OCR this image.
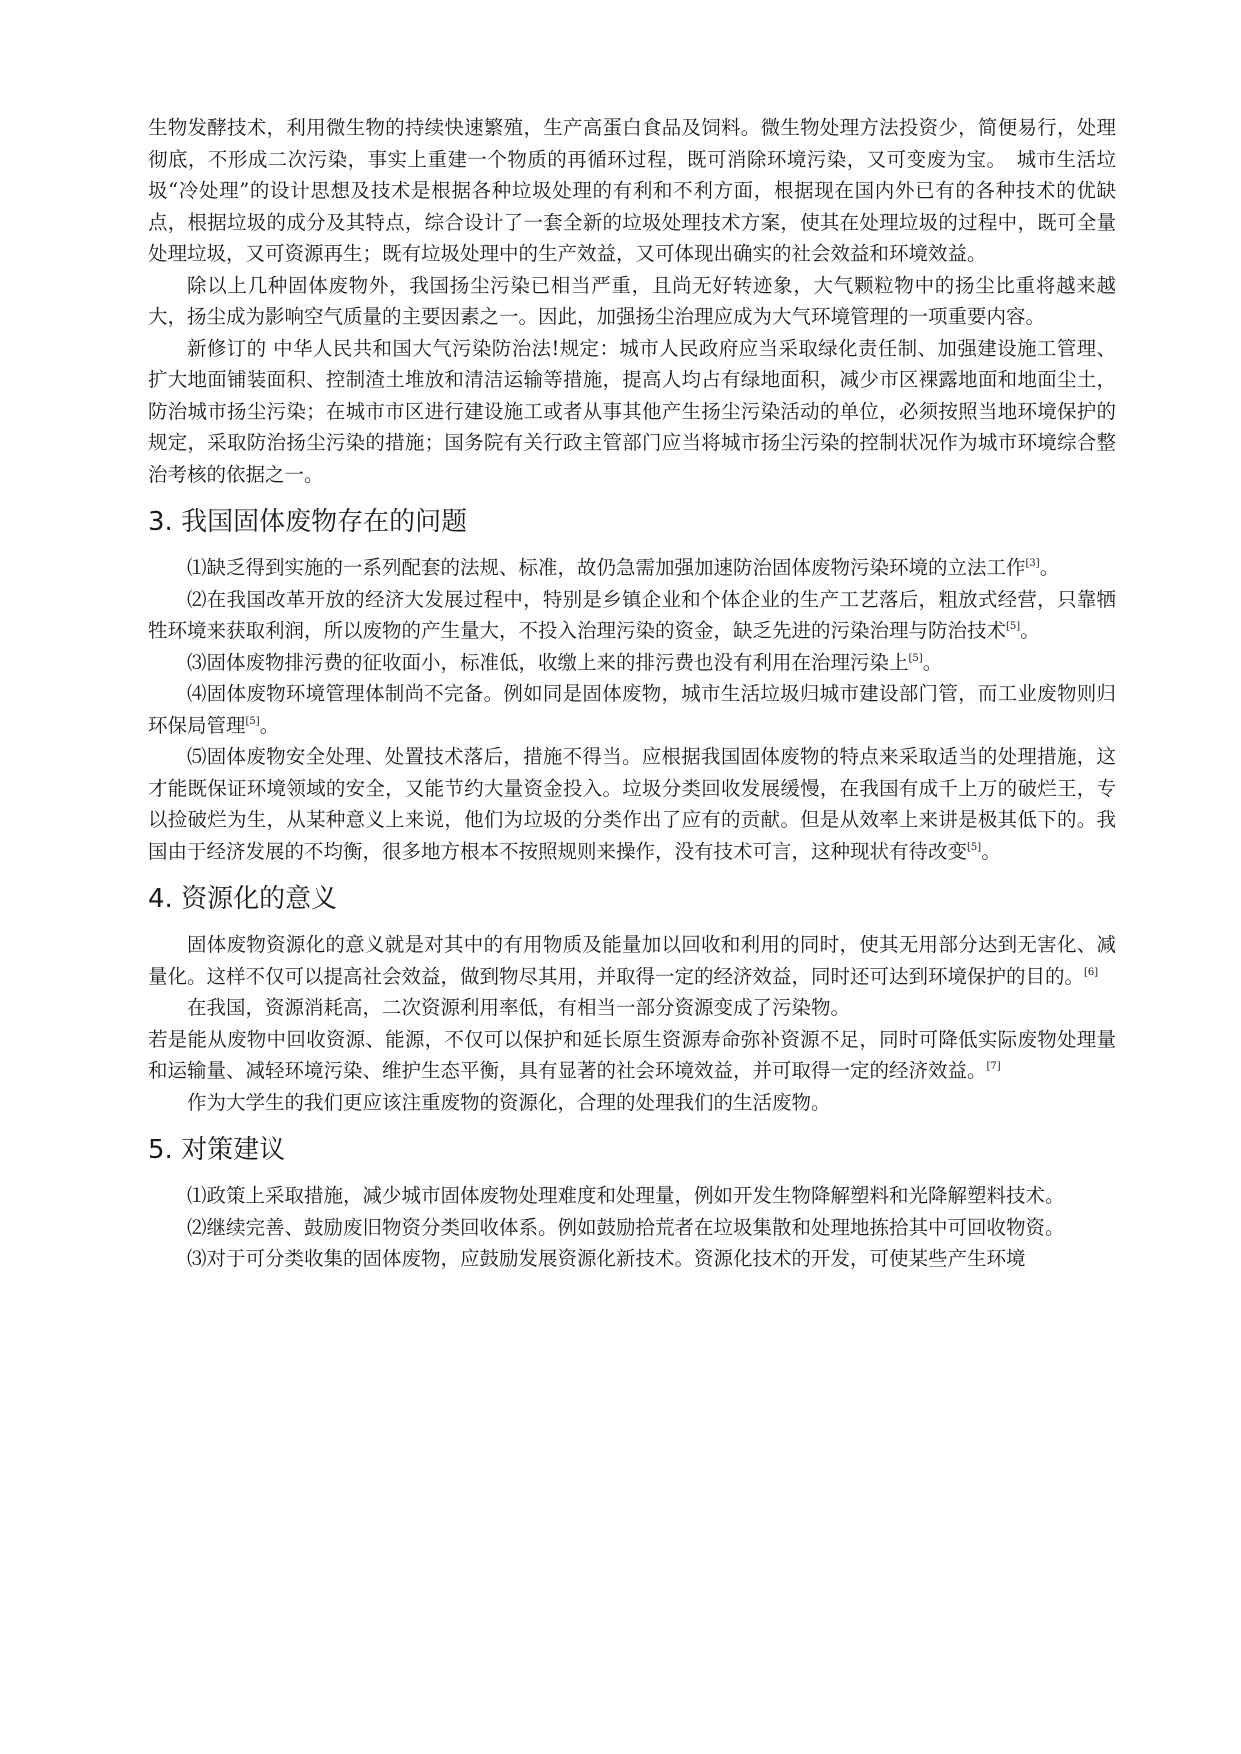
生物发酵技术，利用微生物的持续快速繁殖，生产高蛋白食品及饲料。微生物处理方法投资少，简便易行，处理彻底，不形成二次污染，事实上重建一个物质的再循环过程，既可消除环境污染，又可变废为宝。　城市生活垃圾“冷处理”的设计思想及技术是根据各种垃圾处理的有利和不利方面，根据现在国内外已有的各种技术的优缺点，根据垃圾的成分及其特点，综合设计了一套全新的垃圾处理技术方案，使其在处理垃圾的过程中，既可全量处理垃圾，又可资源再生；既有垃圾处理中的生产效益，又可体现出确实的社会效益和环境效益。

除以上几种固体废物外，我国扬尘污染已相当严重，且尚无好转迹象，大气颗粒物中的扬尘比重将越来越大，扬尘成为影响空气质量的主要因素之一。因此，加强扬尘治理应成为大气环境管理的一项重要内容。

新修订的 中华人民共和国大气污染防治法!规定：城市人民政府应当采取绿化责任制、加强建设施工管理、扩大地面铺装面积、控制渣土堆放和清洁运输等措施，提高人均占有绿地面积，减少市区裸露地面和地面尘土，防治城市扬尘污染；在城市市区进行建设施工或者从事其他产生扬尘污染活动的单位，必须按照当地环境保护的规定，采取防治扬尘污染的措施；国务院有关行政主管部门应当将城市扬尘污染的控制状况作为城市环境综合整治考核的依据之一。

3. 我国固体废物存在的问题

⑴缺乏得到实施的一系列配套的法规、标准，故仍急需加强加速防治固体废物污染环境的立法工作[3]。

⑵在我国改革开放的经济大发展过程中，特别是乡镇企业和个体企业的生产工艺落后，粗放式经营，只靠牺牲环境来获取利润，所以废物的产生量大，不投入治理污染的资金，缺乏先进的污染治理与防治技术[5]。

⑶固体废物排污费的征收面小，标准低，收缴上来的排污费也没有利用在治理污染上[5]。

⑷固体废物环境管理体制尚不完备。例如同是固体废物，城市生活垃圾归城市建设部门管，而工业废物则归环保局管理[5]。

⑸固体废物安全处理、处置技术落后，措施不得当。应根据我国固体废物的特点来采取适当的处理措施，这才能既保证环境领域的安全，又能节约大量资金投入。垃圾分类回收发展缓慢，在我国有成千上万的破烂王，专以捡破烂为生，从某种意义上来说，他们为垃圾的分类作出了应有的贡献。但是从效率上来讲是极其低下的。我国由于经济发展的不均衡，很多地方根本不按照规则来操作，没有技术可言，这种现状有待改变[5]。

4. 资源化的意义

固体废物资源化的意义就是对其中的有用物质及能量加以回收和利用的同时，使其无用部分达到无害化、减量化。这样不仅可以提高社会效益，做到物尽其用，并取得一定的经济效益，同时还可达到环境保护的目的。[6]

在我国，资源消耗高，二次资源利用率低，有相当一部分资源变成了污染物。

若是能从废物中回收资源、能源，不仅可以保护和延长原生资源寿命弥补资源不足，同时可降低实际废物处理量和运输量、减轻环境污染、维护生态平衡，具有显著的社会环境效益，并可取得一定的经济效益。[7]

作为大学生的我们更应该注重废物的资源化，合理的处理我们的生活废物。

5. 对策建议

⑴政策上采取措施，减少城市固体废物处理难度和处理量，例如开发生物降解塑料和光降解塑料技术。

⑵继续完善、鼓励废旧物资分类回收体系。例如鼓励拾荒者在垃圾集散和处理地拣拾其中可回收物资。

⑶对于可分类收集的固体废物，应鼓励发展资源化新技术。资源化技术的开发，可使某些产生环境
